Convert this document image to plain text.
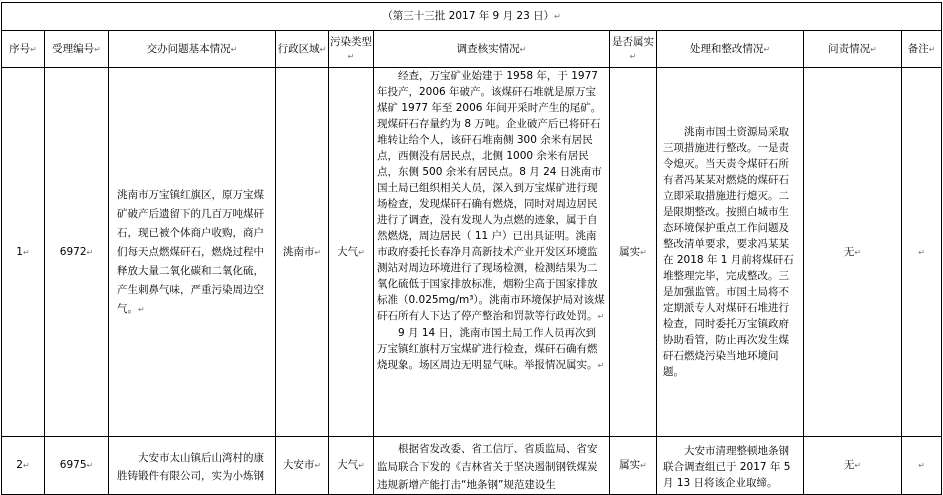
（第三十三批 2017 年 9 月 23 日）↵									
序号↵	受理编号↵	交办问题基本情况↵	行政区域↵	污染类型↵	调查核实情况↵	是否属实↵	处理和整改情况↵	问责情况↵	备注↵
1↵	6972↵	洮南市万宝镇红旗区，原万宝煤矿破产后遗留下的几百万吨煤矸石，现已被个体商户收购，商户们每天点燃煤矸石，燃烧过程中释放大量二氧化碳和二氧化硫，产生刺鼻气味，严重污染周边空气。↵	洮南市↵	大气↵	经查，万宝矿业始建于 1958 年，于 1977 年投产，2006 年破产。该煤矸石堆就是原万宝煤矿 1977 年至 2006 年间开采时产生的尾矿。现煤矸石存量约为 8 万吨。企业破产后已将矸石堆转让给个人，该矸石堆南侧 300 余米有居民点，西侧没有居民点，北侧 1000 余米有居民点，东侧 500 余米有居民点。8 月 24 日洮南市国土局已组织相关人员，深入到万宝煤矿进行现场检查，发现煤矸石确有燃烧，同时对周边居民进行了调查，没有发现人为点燃的迹象，属于自然燃烧，周边居民（ 11 户）已出具证明。洮南市政府委托长春净月高新技术产业开发区环境监测站对周边环境进行了现场检测，检测结果为二氧化硫低于国家排放标准，烟粉尘高于国家排放标准（0.025mg/m³）。洮南市环境保护局对该煤矸石所有人下达了停产整治和罚款等行政处罚。↵
9 月 14 日，洮南市国土局工作人员再次到万宝镇红旗村万宝煤矿进行检查，煤矸石确有燃烧现象。场区周边无明显气味。举报情况属实。↵	属实↵	洮南市国土资源局采取三项措施进行整改。一是责令熄灭。当天责令煤矸石所有者冯某某对燃烧的煤矸石立即采取措施进行熄灭。二是限期整改。按照白城市生态环境保护重点工作问题及整改清单要求，要求冯某某在 2018 年 1 月前将煤矸石堆整理完毕，完成整改。三是加强监管。市国土局将不定期派专人对煤矸石堆进行检查，同时委托万宝镇政府协助看管，防止再次发生煤矸石燃烧污染当地环境问题。	无↵	↵
2↵	6975↵	大安市太山镇后山湾村的康胜铸锻件有限公司，实为小炼钢	大安市↵	大气↵	根据省发改委、省工信厅、省质监局、省安监局联合下发的《吉林省关于坚决遏制钢铁煤炭违规新增产能打击“地条钢”规范建设生	属实↵	大安市清理整顿地条钢联合调查组已于 2017 年 5 月 13 日将该企业取缔。	无↵	↵
